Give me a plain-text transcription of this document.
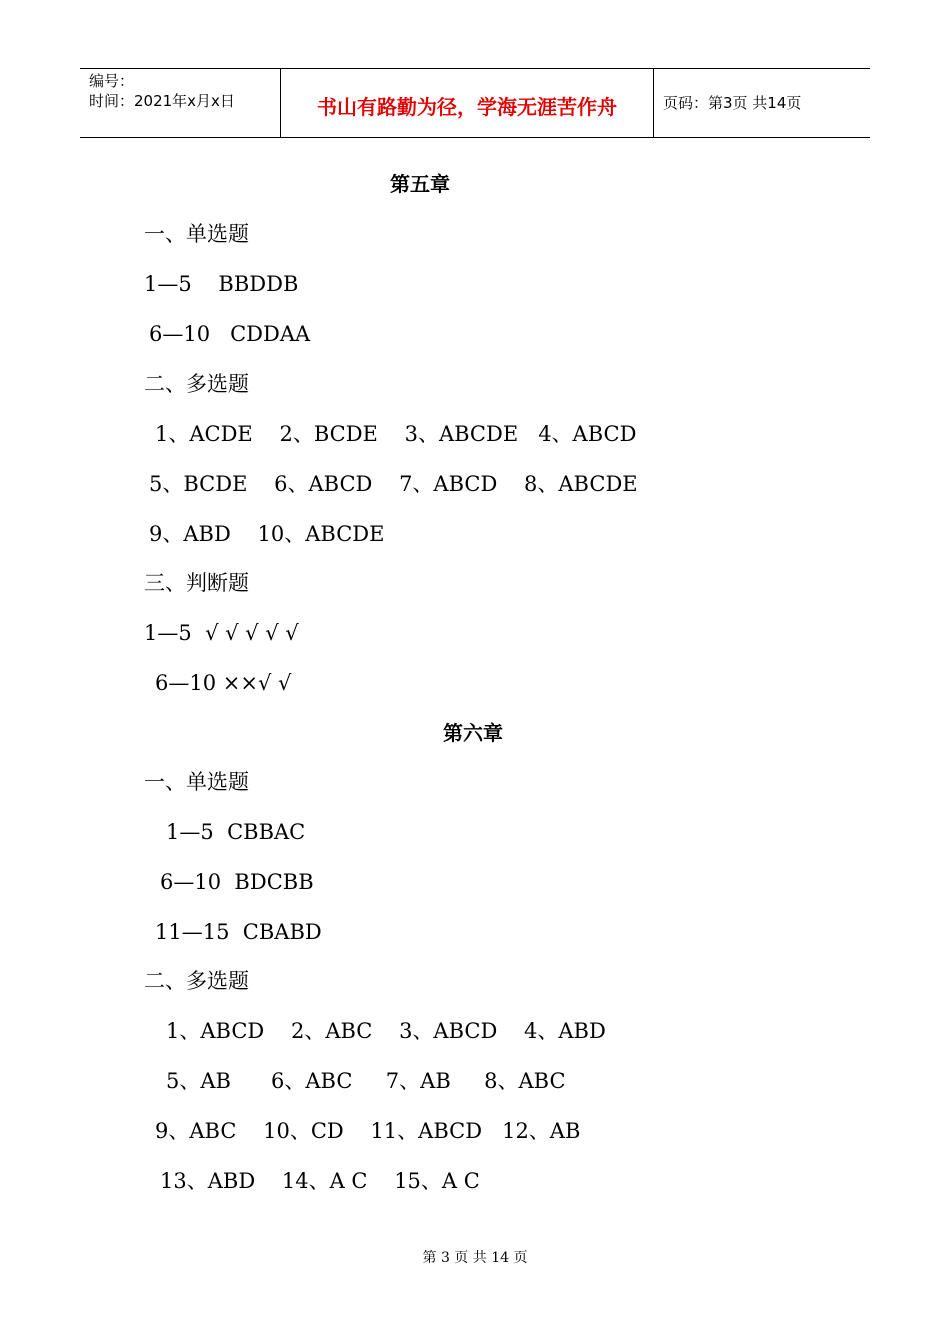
编号：
时间：2021年x月x日	书山有路勤为径，学海无涯苦作舟	页码：第3页 共14页
第五章
一、单选题
1—5    BBDDB
6—10   CDDAA
二、多选题
1、ACDE    2、BCDE    3、ABCDE   4、ABCD
5、BCDE    6、ABCD    7、ABCD    8、ABCDE
9、ABD    10、ABCDE
三、判断题
1—5  √ √ √ √ √
6—10 ××√ √
第六章
一、单选题
1—5  CBBAC
6—10  BDCBB
11—15  CBABD
二、多选题
1、ABCD    2、ABC    3、ABCD    4、ABD
5、AB      6、ABC     7、AB     8、ABC
9、ABC    10、CD    11、ABCD   12、AB
13、ABD    14、A C    15、A C
第 3 页 共 14 页
